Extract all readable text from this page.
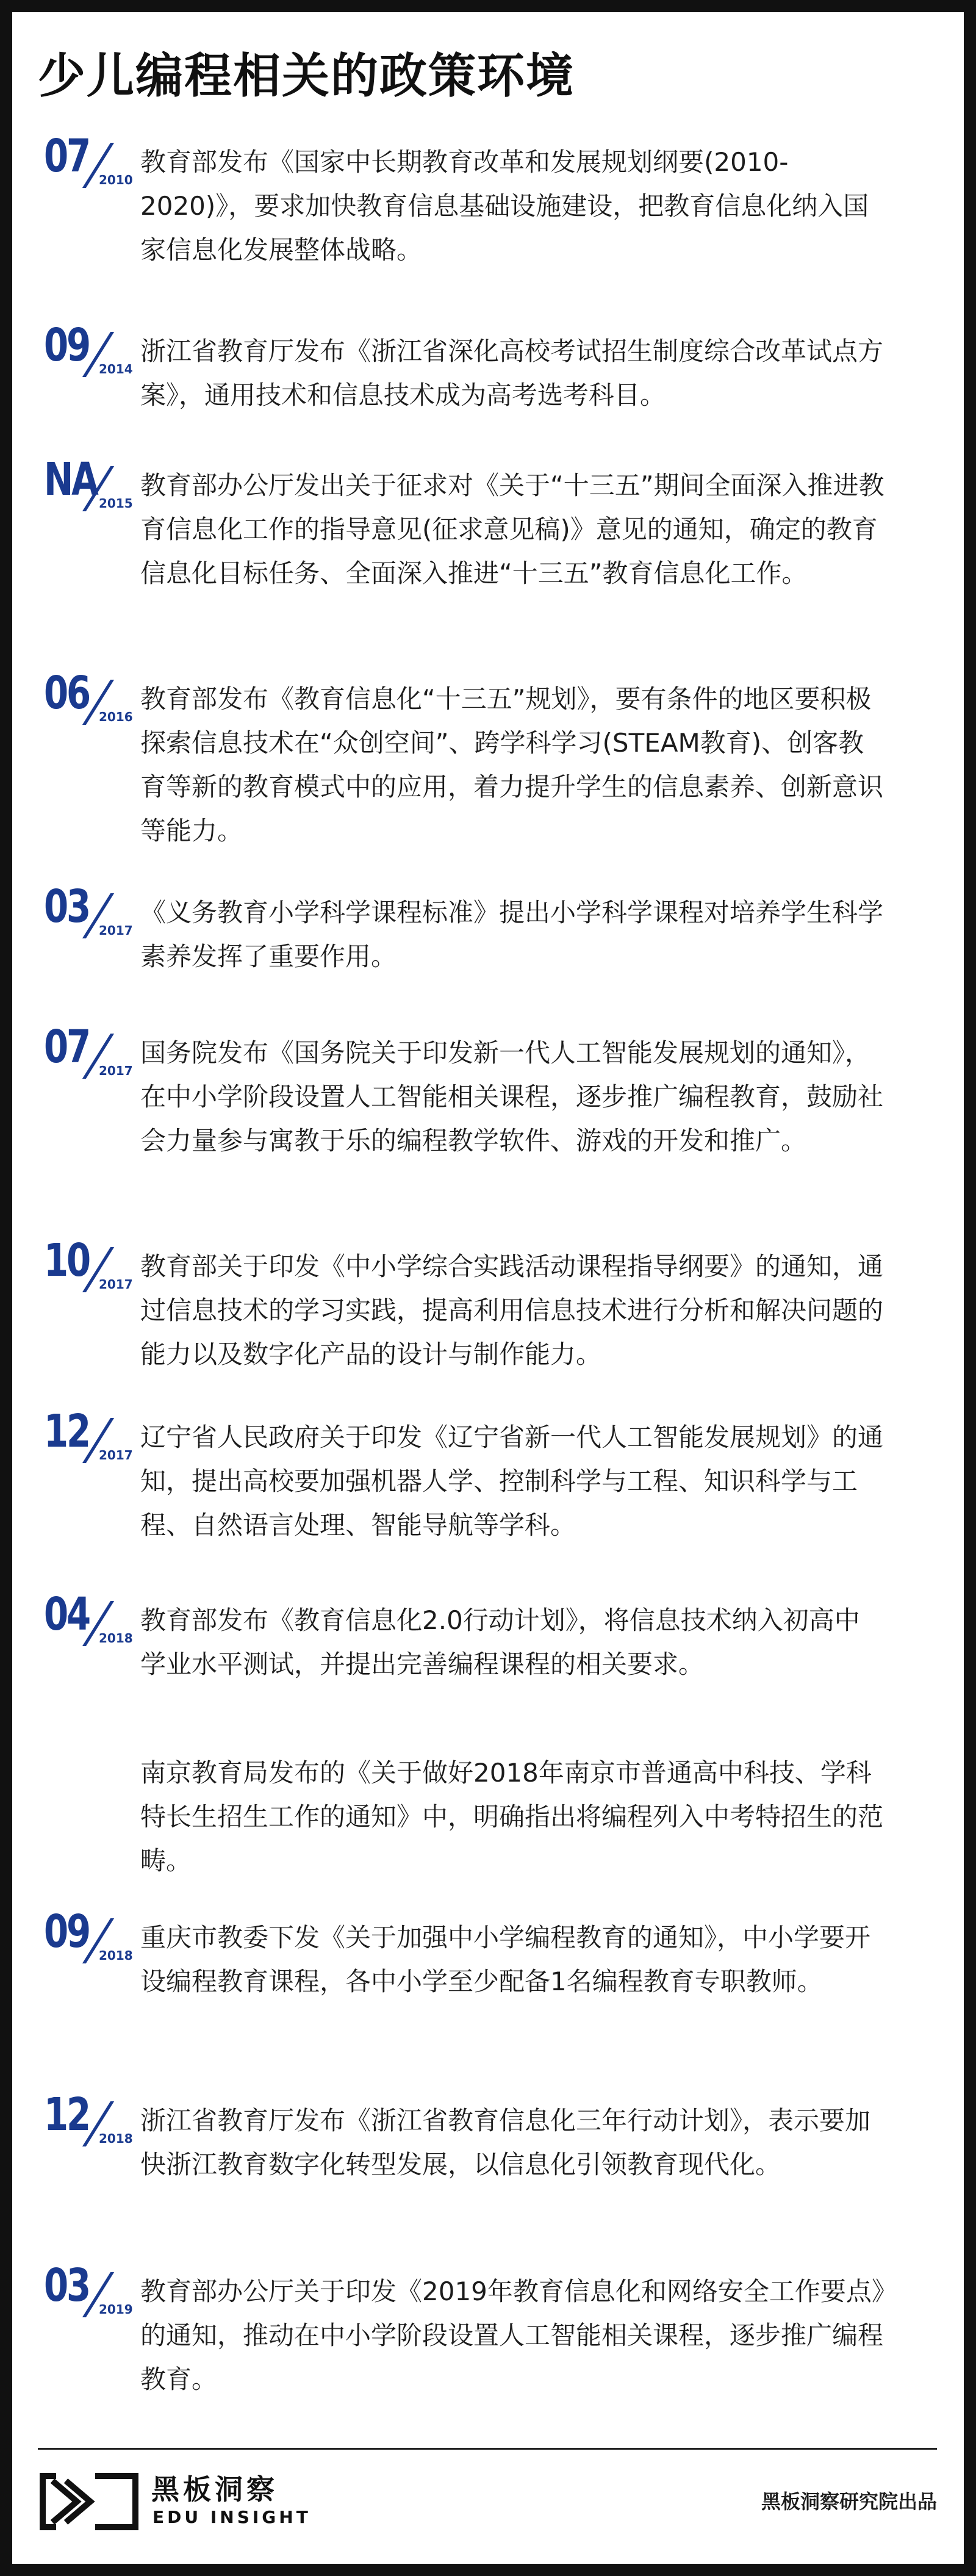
少儿编程相关的政策环境
07 2010

教育部发布《国家中长期教育改革和发展规划纲要(2010-2020)》，要求加快教育信息基础设施建设，把教育信息化纳入国家信息化发展整体战略。

09 2014

浙江省教育厅发布《浙江省深化高校考试招生制度综合改革试点方案》，通用技术和信息技术成为高考选考科目。

NA 2015

教育部办公厅发出关于征求对《关于“十三五”期间全面深入推进教育信息化工作的指导意见(征求意见稿)》意见的通知，确定的教育信息化目标任务、全面深入推进“十三五”教育信息化工作。

06 2016

教育部发布《教育信息化“十三五”规划》，要有条件的地区要积极探索信息技术在“众创空间”、跨学科学习(STEAM教育)、创客教育等新的教育模式中的应用，着力提升学生的信息素养、创新意识等能力。

03 2017

《义务教育小学科学课程标准》提出小学科学课程对培养学生科学素养发挥了重要作用。

07 2017

国务院发布《国务院关于印发新一代人工智能发展规划的通知》，在中小学阶段设置人工智能相关课程，逐步推广编程教育，鼓励社会力量参与寓教于乐的编程教学软件、游戏的开发和推广。

10 2017

教育部关于印发《中小学综合实践活动课程指导纲要》的通知，通过信息技术的学习实践，提高利用信息技术进行分析和解决问题的能力以及数字化产品的设计与制作能力。

12 2017

辽宁省人民政府关于印发《辽宁省新一代人工智能发展规划》的通知，提出高校要加强机器人学、控制科学与工程、知识科学与工程、自然语言处理、智能导航等学科。

04 2018

教育部发布《教育信息化2.0行动计划》，将信息技术纳入初高中学业水平测试，并提出完善编程课程的相关要求。

南京教育局发布的《关于做好2018年南京市普通高中科技、学科特长生招生工作的通知》中，明确指出将编程列入中考特招生的范畴。

09 2018

重庆市教委下发《关于加强中小学编程教育的通知》，中小学要开设编程教育课程，各中小学至少配备1名编程教育专职教师。

12 2018

浙江省教育厅发布《浙江省教育信息化三年行动计划》，表示要加快浙江教育数字化转型发展，以信息化引领教育现代化。

03 2019

教育部办公厅关于印发《2019年教育信息化和网络安全工作要点》的通知，推动在中小学阶段设置人工智能相关课程，逐步推广编程教育。

黑板洞察
EDU INSIGHT
黑板洞察研究院出品
